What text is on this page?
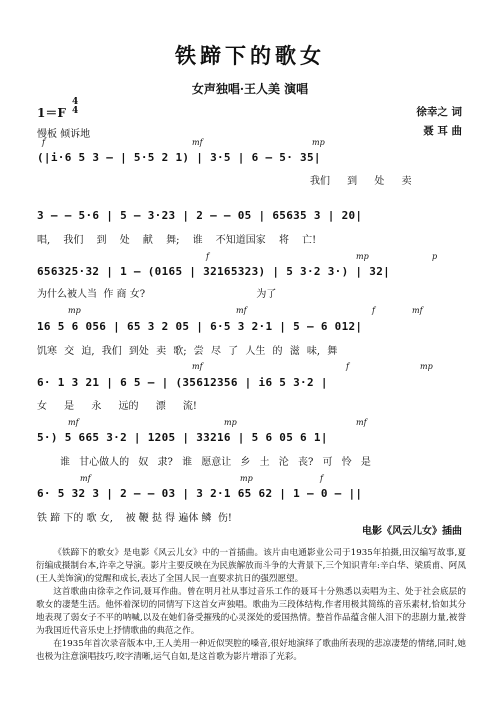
铁蹄下的歌女
女声独唱·王人美 演唱
1＝F
4
4
慢板 倾诉地
徐幸之 词
聂 耳 曲
f	mf	mp
(|i·6 5 3 ‒ | 5·5 2 1) | 3·5 | 6 ‒ 5· 35|
我们 到 处 卖
3 ‒ ‒ 5·6 | 5 ‒ 3·23 | 2 ‒ ‒ 05 | 65635 3 | 20|
唱, 我们 到 处 献 舞; 谁 不知道国家 将 亡!
f	mp	p
656325·32 | 1 ‒ (0165 | 32165323) | 5 3·2 3·) | 32|
为什么被人当  作 商 女?                                   为了
mp	mf	f	mf
16 5 6 056 | 65 3 2 05 | 6·5 3 2·1 | 5 ‒ 6 012|
饥寒 交 迫, 我们 到处 卖 歌; 尝 尽 了 人生 的 滋 味, 舞
mf	f	mp
6· 1 3 21 | 6 5 ‒ | (35612356 | i6 5 3·2 |
女 是 永 远的 漂 流!
mf	mp	mf
5·) 5 665 3·2 | 1205 | 33216 | 5 6 05 6 1|
谁 甘心做人的 奴 隶? 谁 愿意让 乡 土 沦 丧? 可 怜 是
mf	mp	f
6· 5 32 3 | 2 ‒ ‒ 03 | 3 2·1 65 62 | 1 ‒ 0 ‒ ||
铁 蹄 下的 歌 女,    被 鞭 挞 得 遍体 鳞  伤!
电影《风云儿女》插曲

《铁蹄下的歌女》是电影《风云儿女》中的一首插曲。该片由电通影业公司于1935年拍摄,田汉编写故事,夏衍编成摄制台本,许幸之导演。影片主要反映在为民族解放而斗争的大背景下,三个知识青年:辛白华、梁质甫、阿凤(王人美饰演)的觉醒和成长,表达了全国人民一直要求抗日的强烈愿望。

这首歌曲由徐幸之作词,聂耳作曲。曾在明月社从事过音乐工作的聂耳十分熟悉以卖唱为主、处于社会底层的歌女的凄楚生活。他怀着深切的同情写下这首女声独唱。歌曲为三段体结构,作者用极其简练的音乐素材,恰如其分地表现了弱女子不平的呐喊,以及在她们备受摧残的心灵深处的爱国热情。整首作品蕴含催人泪下的悲剧力量,被誉为我国近代音乐史上抒情歌曲的典范之作。

在1935年首次录音版本中,王人美用一种近似哭腔的嗓音,很好地演绎了歌曲所表现的悲凉凄楚的情绪,同时,她也极为注意演唱技巧,咬字清晰,运气自如,是这首歌为影片增添了光彩。
